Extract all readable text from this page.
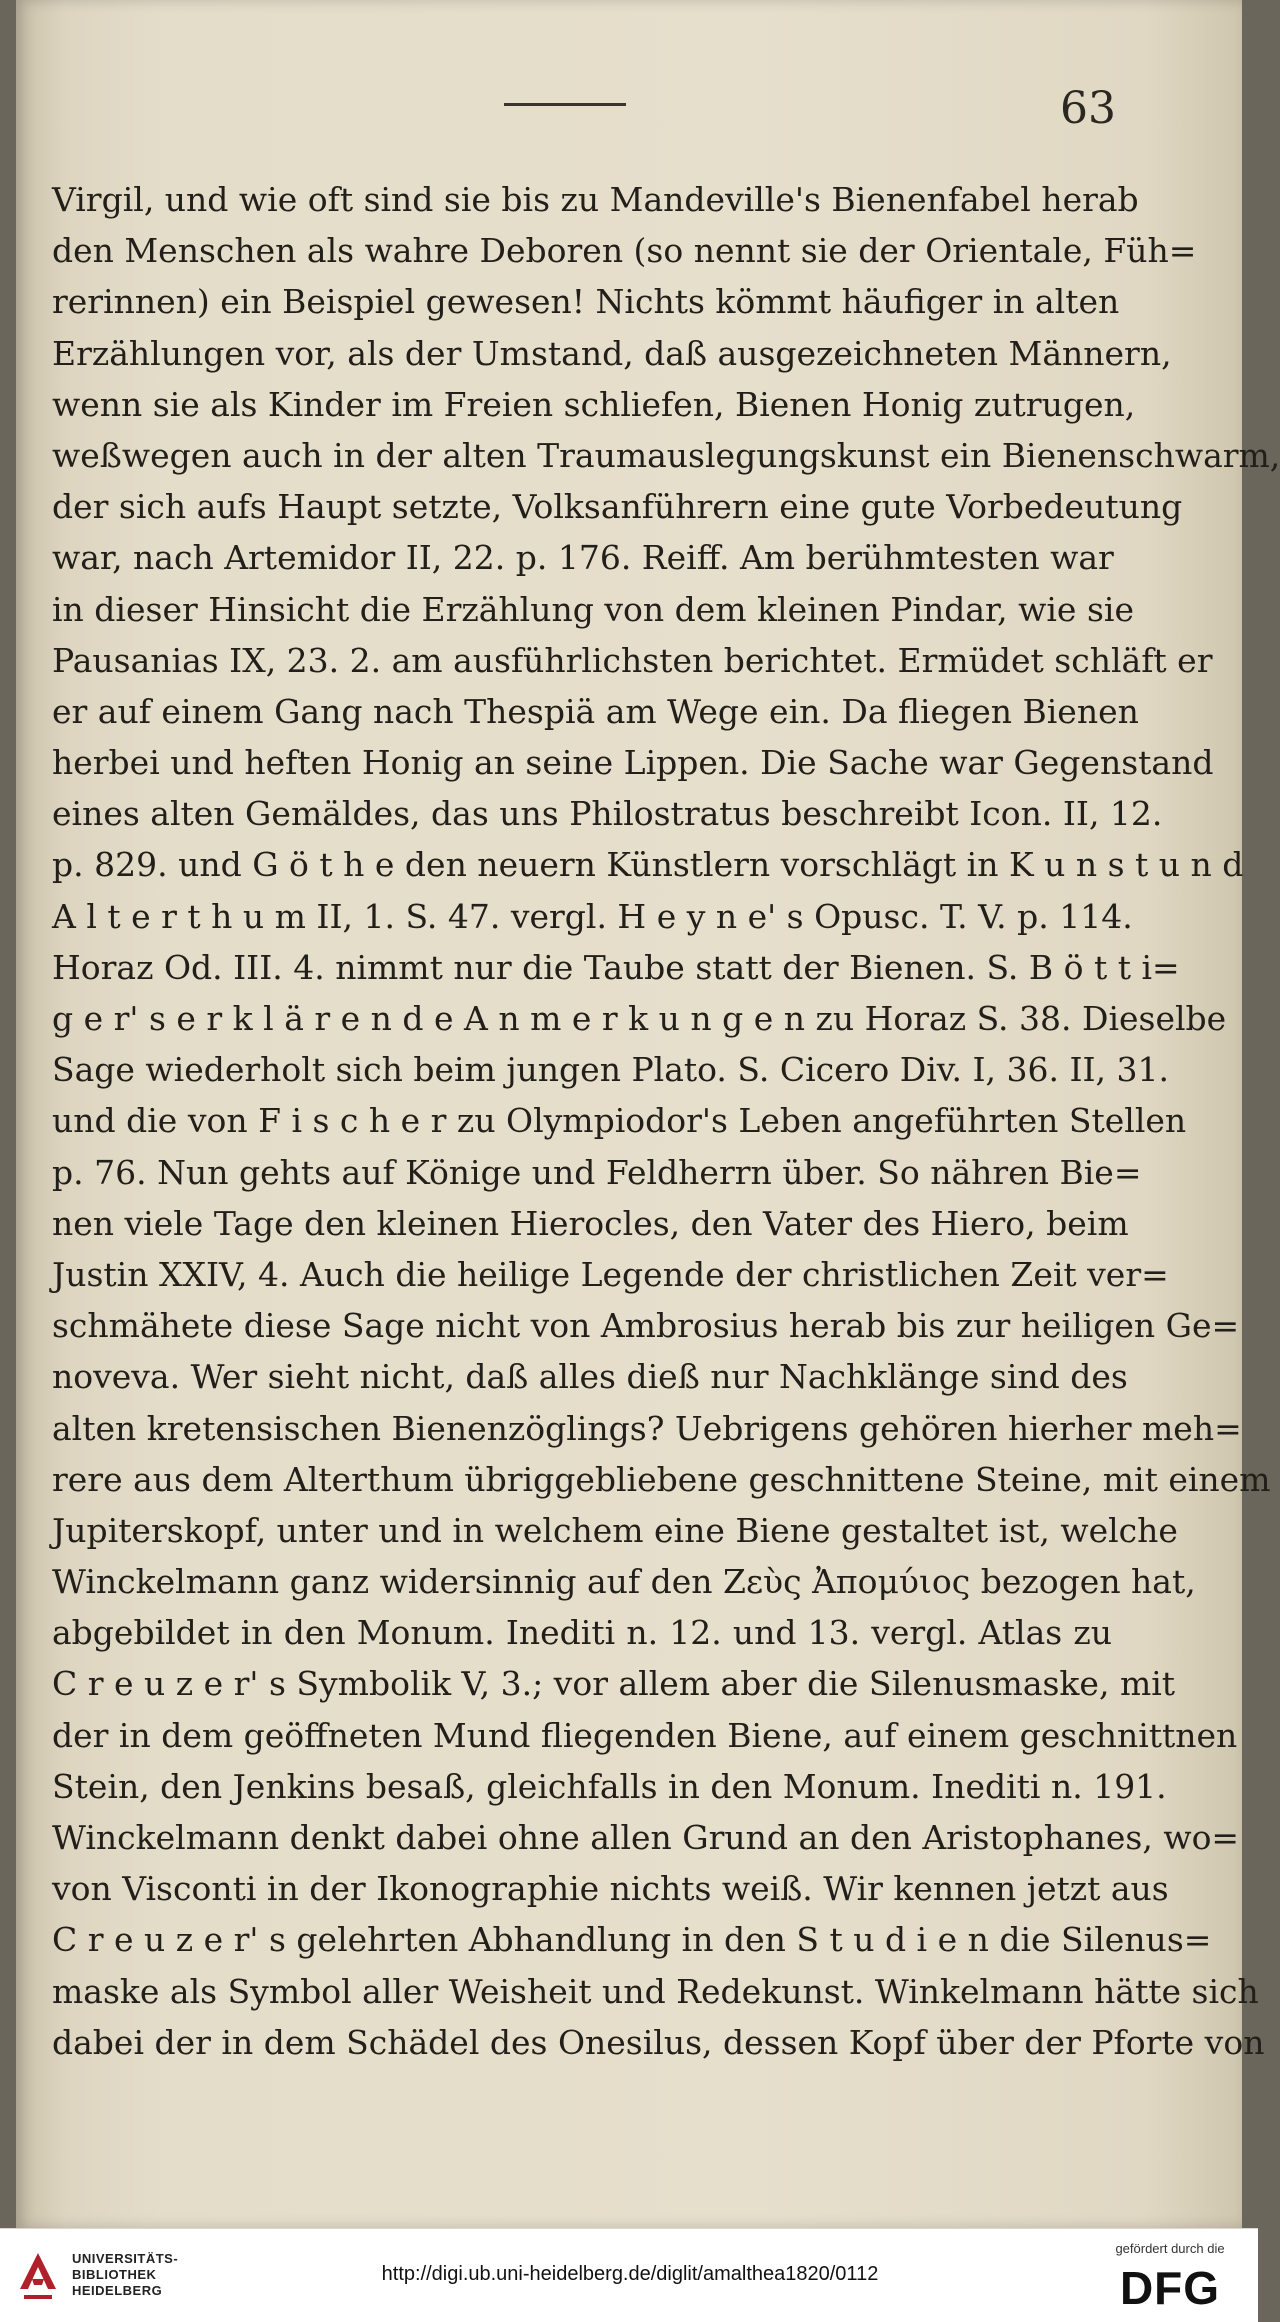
63
Virgil, und wie oft sind sie bis zu Mandeville's Bienenfabel herab
den Menschen als wahre Deboren (so nennt sie der Orientale, Füh=
rerinnen) ein Beispiel gewesen! Nichts kömmt häufiger in alten
Erzählungen vor, als der Umstand, daß ausgezeichneten Männern,
wenn sie als Kinder im Freien schliefen, Bienen Honig zutrugen,
weßwegen auch in der alten Traumauslegungskunst ein Bienenschwarm,
der sich aufs Haupt setzte, Volksanführern eine gute Vorbedeutung
war, nach Artemidor II, 22. p. 176. Reiff. Am berühmtesten war
in dieser Hinsicht die Erzählung von dem kleinen Pindar, wie sie
Pausanias IX, 23. 2. am ausführlichsten berichtet. Ermüdet schläft er
er auf einem Gang nach Thespiä am Wege ein. Da fliegen Bienen
herbei und heften Honig an seine Lippen. Die Sache war Gegenstand
eines alten Gemäldes, das uns Philostratus beschreibt Icon. II, 12.
p. 829. und G ö t h e den neuern Künstlern vorschlägt in K u n s t u n d
A l t e r t h u m II, 1. S. 47. vergl. H e y n e' s Opusc. T. V. p. 114.
Horaz Od. III. 4. nimmt nur die Taube statt der Bienen. S. B ö t t i=
g e r' s e r k l ä r e n d e A n m e r k u n g e n zu Horaz S. 38. Dieselbe
Sage wiederholt sich beim jungen Plato. S. Cicero Div. I, 36. II, 31.
und die von F i s c h e r zu Olympiodor's Leben angeführten Stellen
p. 76. Nun gehts auf Könige und Feldherrn über. So nähren Bie=
nen viele Tage den kleinen Hierocles, den Vater des Hiero, beim
Justin XXIV, 4. Auch die heilige Legende der christlichen Zeit ver=
schmähete diese Sage nicht von Ambrosius herab bis zur heiligen Ge=
noveva. Wer sieht nicht, daß alles dieß nur Nachklänge sind des
alten kretensischen Bienenzöglings? Uebrigens gehören hierher meh=
rere aus dem Alterthum übriggebliebene geschnittene Steine, mit einem
Jupiterskopf, unter und in welchem eine Biene gestaltet ist, welche
Winckelmann ganz widersinnig auf den Ζεὺς Ἀπομύιος bezogen hat,
abgebildet in den Monum. Inediti n. 12. und 13. vergl. Atlas zu
C r e u z e r' s Symbolik V, 3.; vor allem aber die Silenusmaske, mit
der in dem geöffneten Mund fliegenden Biene, auf einem geschnittnen
Stein, den Jenkins besaß, gleichfalls in den Monum. Inediti n. 191.
Winckelmann denkt dabei ohne allen Grund an den Aristophanes, wo=
von Visconti in der Ikonographie nichts weiß. Wir kennen jetzt aus
C r e u z e r' s gelehrten Abhandlung in den S t u d i e n die Silenus=
maske als Symbol aller Weisheit und Redekunst. Winkelmann hätte sich
dabei der in dem Schädel des Onesilus, dessen Kopf über der Pforte von
UNIVERSITÄTS-
BIBLIOTHEK
HEIDELBERG
http://digi.ub.uni-heidelberg.de/diglit/amalthea1820/0112
gefördert durch die
DFG
